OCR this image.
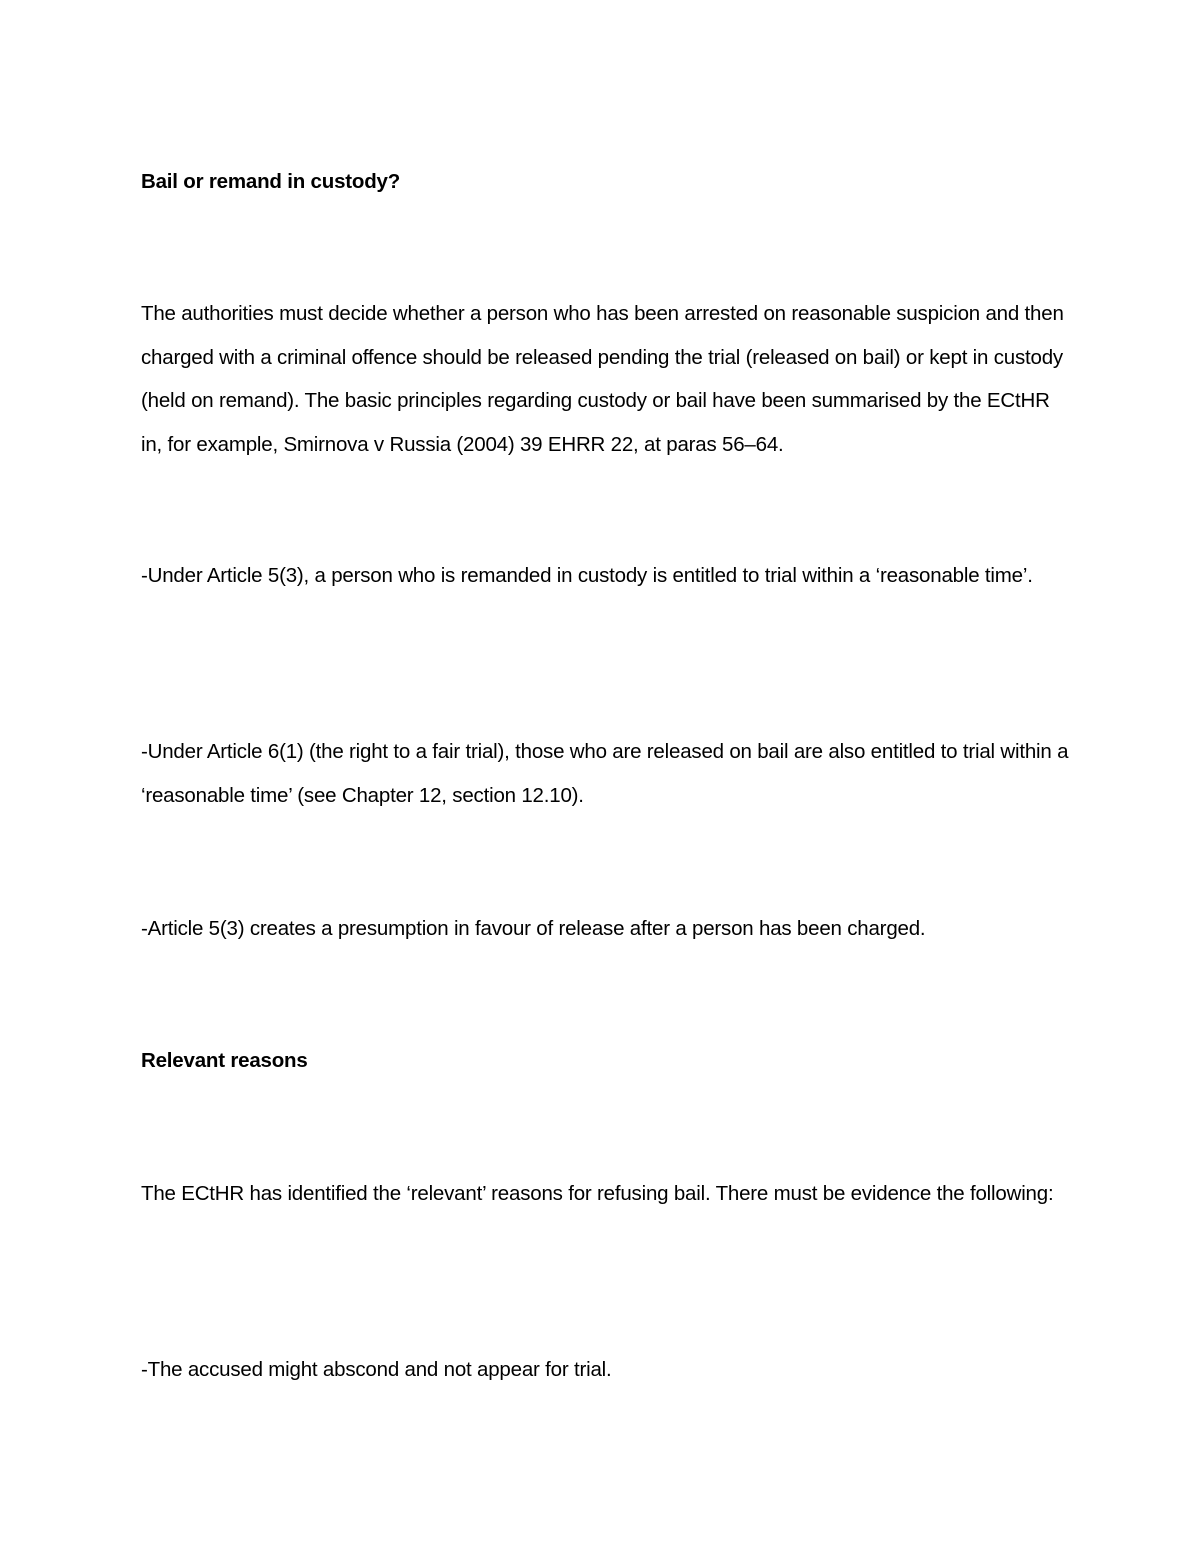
Bail or remand in custody?

The authorities must decide whether a person who has been arrested on reasonable suspicion and then charged with a criminal offence should be released pending the trial (released on bail) or kept in custody (held on remand). The basic principles regarding custody or bail have been summarised by the ECtHR in, for example, Smirnova v Russia (2004) 39 EHRR 22, at paras 56–64.

-Under Article 5(3), a person who is remanded in custody is entitled to trial within a ‘reasonable time’.

-Under Article 6(1) (the right to a fair trial), those who are released on bail are also entitled to trial within a ‘reasonable time’ (see Chapter 12, section 12.10).

-Article 5(3) creates a presumption in favour of release after a person has been charged.

Relevant reasons

The ECtHR has identified the ‘relevant’ reasons for refusing bail. There must be evidence the following:

-The accused might abscond and not appear for trial.
